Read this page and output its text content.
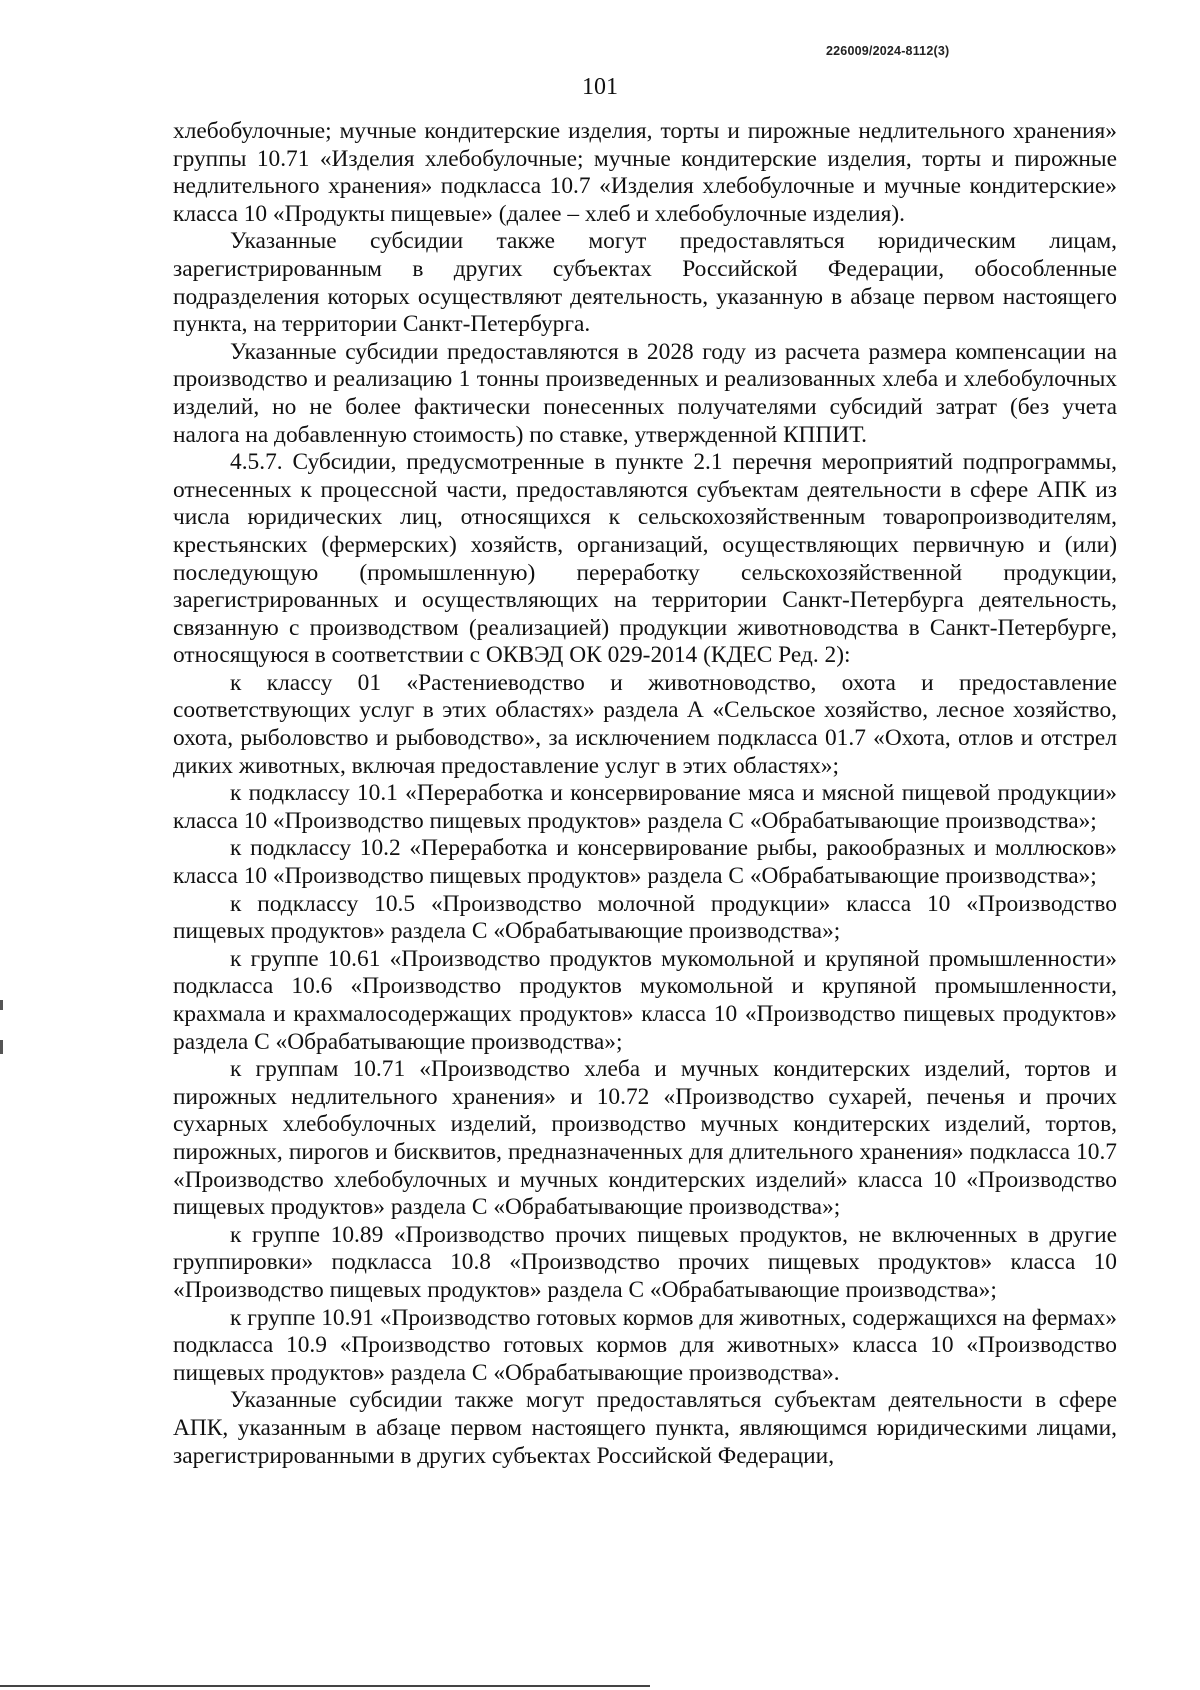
226009/2024-8112(3)
101

хлебобулочные; мучные кондитерские изделия, торты и пирожные недлительного хранения» группы 10.71 «Изделия хлебобулочные; мучные кондитерские изделия, торты и пирожные недлительного хранения» подкласса 10.7 «Изделия хлебобулочные и мучные кондитерские» класса 10 «Продукты пищевые» (далее – хлеб и хлебобулочные изделия).

Указанные субсидии также могут предоставляться юридическим лицам, зарегистрированным в других субъектах Российской Федерации, обособленные подразделения которых осуществляют деятельность, указанную в абзаце первом настоящего пункта, на территории Санкт-Петербурга.

Указанные субсидии предоставляются в 2028 году из расчета размера компенсации на производство и реализацию 1 тонны произведенных и реализованных хлеба и хлебобулочных изделий, но не более фактически понесенных получателями субсидий затрат (без учета налога на добавленную стоимость) по ставке, утвержденной КППИТ.

4.5.7. Субсидии, предусмотренные в пункте 2.1 перечня мероприятий подпрограммы, отнесенных к процессной части, предоставляются субъектам деятельности в сфере АПК из числа юридических лиц, относящихся к сельскохозяйственным товаропроизводителям, крестьянских (фермерских) хозяйств, организаций, осуществляющих первичную и (или) последующую (промышленную) переработку сельскохозяйственной продукции, зарегистрированных и осуществляющих на территории Санкт-Петербурга деятельность, связанную с производством (реализацией) продукции животноводства в Санкт-Петербурге, относящуюся в соответствии с ОКВЭД ОК 029-2014 (КДЕС Ред. 2):

к классу 01 «Растениеводство и животноводство, охота и предоставление соответствующих услуг в этих областях» раздела А «Сельское хозяйство, лесное хозяйство, охота, рыболовство и рыбоводство», за исключением подкласса 01.7 «Охота, отлов и отстрел диких животных, включая предоставление услуг в этих областях»;

к подклассу 10.1 «Переработка и консервирование мяса и мясной пищевой продукции» класса 10 «Производство пищевых продуктов» раздела С «Обрабатывающие производства»;

к подклассу 10.2 «Переработка и консервирование рыбы, ракообразных и моллюсков» класса 10 «Производство пищевых продуктов» раздела С «Обрабатывающие производства»;

к подклассу 10.5 «Производство молочной продукции» класса 10 «Производство пищевых продуктов» раздела С «Обрабатывающие производства»;

к группе 10.61 «Производство продуктов мукомольной и крупяной промышленности» подкласса 10.6 «Производство продуктов мукомольной и крупяной промышленности, крахмала и крахмалосодержащих продуктов» класса 10 «Производство пищевых продуктов» раздела С «Обрабатывающие производства»;

к группам 10.71 «Производство хлеба и мучных кондитерских изделий, тортов и пирожных недлительного хранения» и 10.72 «Производство сухарей, печенья и прочих сухарных хлебобулочных изделий, производство мучных кондитерских изделий, тортов, пирожных, пирогов и бисквитов, предназначенных для длительного хранения» подкласса 10.7 «Производство хлебобулочных и мучных кондитерских изделий» класса 10 «Производство пищевых продуктов» раздела С «Обрабатывающие производства»;

к группе 10.89 «Производство прочих пищевых продуктов, не включенных в другие группировки» подкласса 10.8 «Производство прочих пищевых продуктов» класса 10 «Производство пищевых продуктов» раздела С «Обрабатывающие производства»;

к группе 10.91 «Производство готовых кормов для животных, содержащихся на фермах» подкласса 10.9 «Производство готовых кормов для животных» класса 10 «Производство пищевых продуктов» раздела С «Обрабатывающие производства».

Указанные субсидии также могут предоставляться субъектам деятельности в сфере АПК, указанным в абзаце первом настоящего пункта, являющимся юридическими лицами, зарегистрированными в других субъектах Российской Федерации,
